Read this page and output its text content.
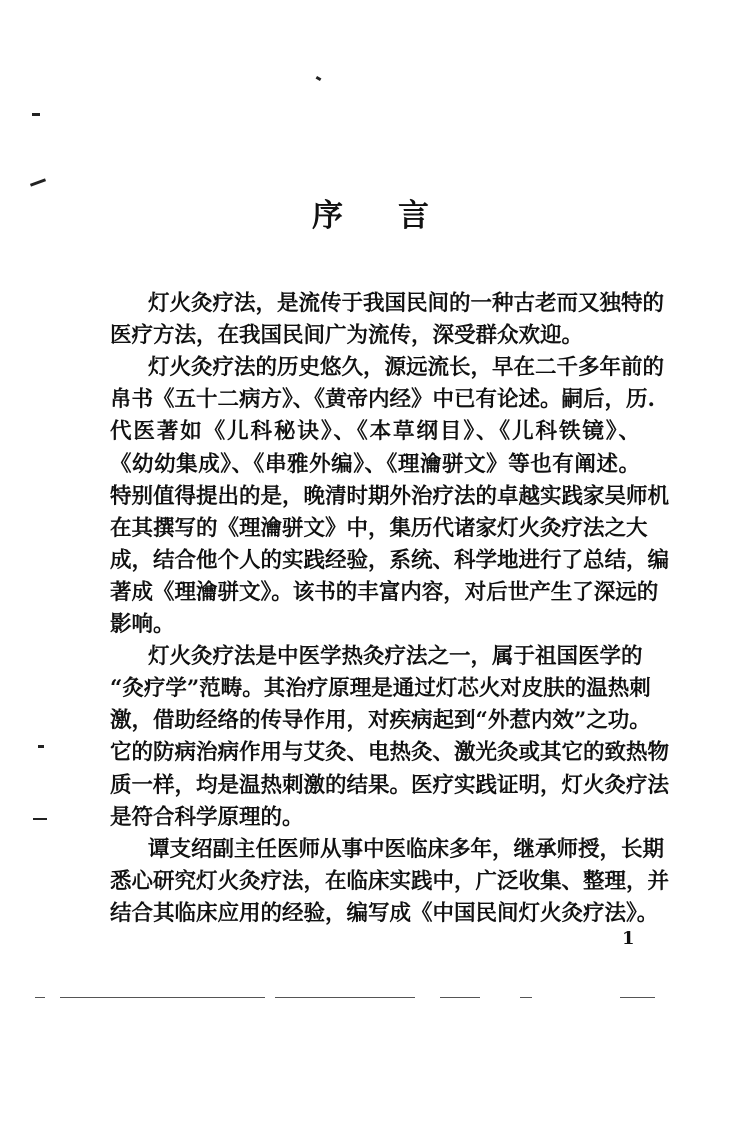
序 言
灯火灸疗法，是流传于我国民间的一种古老而又独特的
医疗方法，在我国民间广为流传，深受群众欢迎。
灯火灸疗法的历史悠久，源远流长，早在二千多年前的
帛书《五十二病方》、《黄帝内经》中已有论述。嗣后，历.
代医著如《儿科秘诀》、《本草纲目》、《儿科铁镜》、
《幼幼集成》、《串雅外编》、《理瀹骈文》等也有阐述。
特别值得提出的是，晚清时期外治疗法的卓越实践家吴师机
在其撰写的《理瀹骈文》中，集历代诸家灯火灸疗法之大
成，结合他个人的实践经验，系统、科学地进行了总结，编
著成《理瀹骈文》。该书的丰富内容，对后世产生了深远的
影响。
灯火灸疗法是中医学热灸疗法之一，属于祖国医学的
“灸疗学”范畴。其治疗原理是通过灯芯火对皮肤的温热刺
激，借助经络的传导作用，对疾病起到“外惹内效”之功。
它的防病治病作用与艾灸、电热灸、激光灸或其它的致热物
质一样，均是温热刺激的结果。医疗实践证明，灯火灸疗法
是符合科学原理的。
谭支绍副主任医师从事中医临床多年，继承师授，长期
悉心研究灯火灸疗法，在临床实践中，广泛收集、整理，并
结合其临床应用的经验，编写成《中国民间灯火灸疗法》。
1
